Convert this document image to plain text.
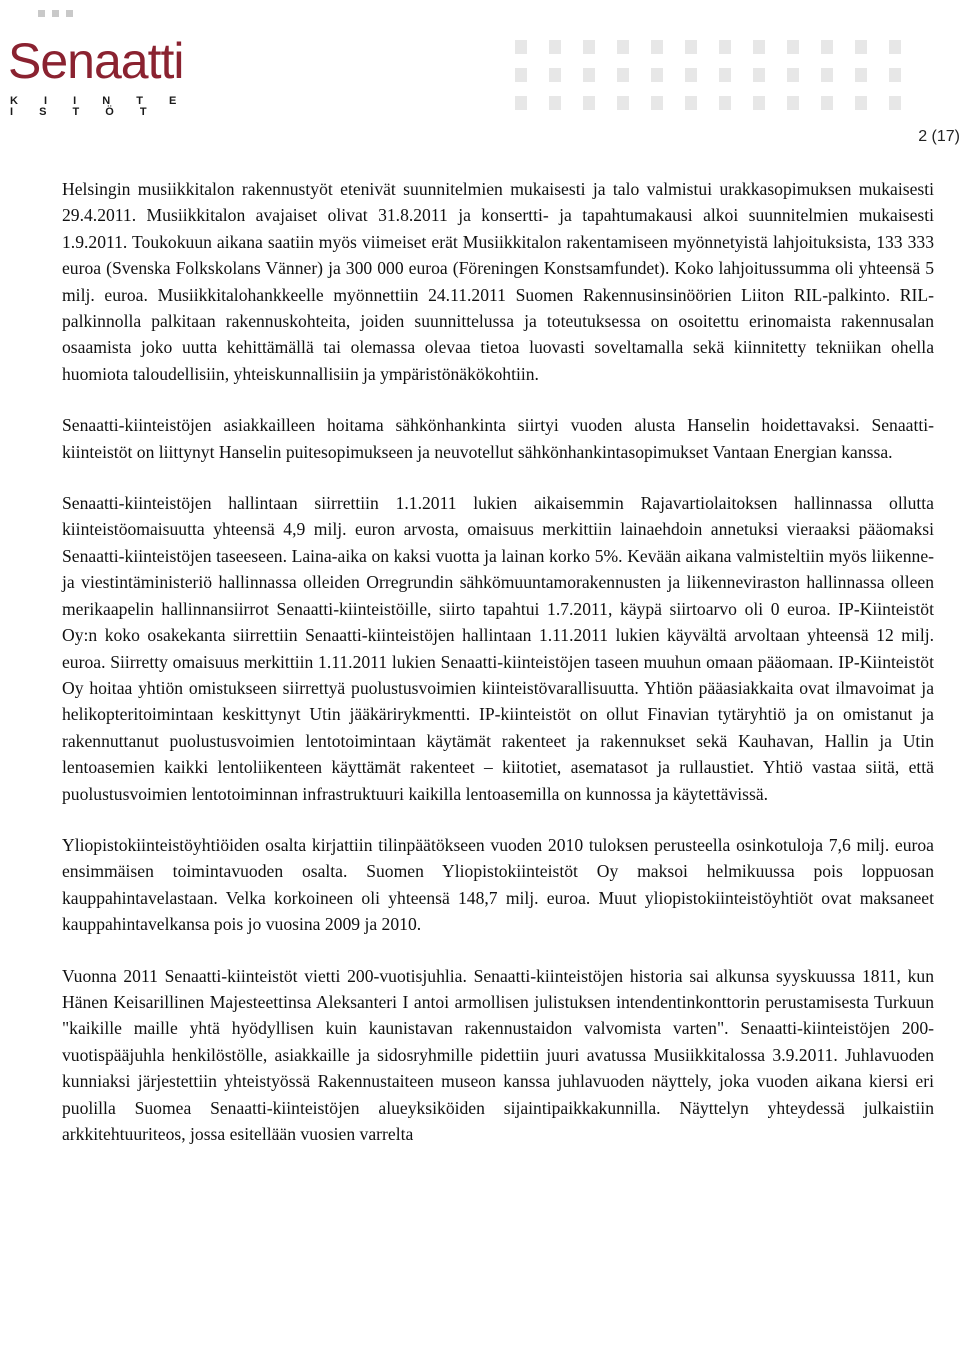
Senaatti
K I I N T E I S T Ö T
2 (17)

Helsingin musiikkitalon rakennustyöt etenivät suunnitelmien mukaisesti ja talo valmistui urakkasopimuksen mukaisesti 29.4.2011. Musiikkitalon avajaiset olivat 31.8.2011 ja konsertti- ja tapahtumakausi alkoi suunnitelmien mukaisesti 1.9.2011. Toukokuun aikana saatiin myös viimeiset erät Musiikkitalon rakentamiseen myönnetyistä lahjoituksista, 133 333 euroa (Svenska Folkskolans Vänner) ja 300 000 euroa (Föreningen Konstsamfundet). Koko lahjoitussumma oli yhteensä 5 milj. euroa. Musiikkitalohankkeelle myönnettiin 24.11.2011 Suomen Rakennusinsinöörien Liiton RIL-palkinto. RIL-palkinnolla palkitaan rakennuskohteita, joiden suunnittelussa ja toteutuksessa on osoitettu erinomaista rakennusalan osaamista joko uutta kehittämällä tai olemassa olevaa tietoa luovasti soveltamalla sekä kiinnitetty tekniikan ohella huomiota taloudellisiin, yhteiskunnallisiin ja ympäristönäkökohtiin.

Senaatti-kiinteistöjen asiakkailleen hoitama sähkönhankinta siirtyi vuoden alusta Hanselin hoidettavaksi. Senaatti-kiinteistöt on liittynyt Hanselin puitesopimukseen ja neuvotellut sähkönhankintasopimukset Vantaan Energian kanssa.

Senaatti-kiinteistöjen hallintaan siirrettiin 1.1.2011 lukien aikaisemmin Rajavartiolaitoksen hallinnassa ollutta kiinteistöomaisuutta yhteensä 4,9 milj. euron arvosta, omaisuus merkittiin lainaehdoin annetuksi vieraaksi pääomaksi Senaatti-kiinteistöjen taseeseen. Laina-aika on kaksi vuotta ja lainan korko 5%. Kevään aikana valmisteltiin myös liikenne- ja viestintäministeriö hallinnassa olleiden Orregrundin sähkömuuntamorakennusten ja liikenneviraston hallinnassa olleen merikaapelin hallinnansiirrot Senaatti-kiinteistöille, siirto tapahtui 1.7.2011, käypä siirtoarvo oli 0 euroa. IP-Kiinteistöt Oy:n koko osakekanta siirrettiin Senaatti-kiinteistöjen hallintaan 1.11.2011 lukien käyvältä arvoltaan yhteensä 12 milj. euroa. Siirretty omaisuus merkittiin 1.11.2011 lukien Senaatti-kiinteistöjen taseen muuhun omaan pääomaan. IP-Kiinteistöt Oy hoitaa yhtiön omistukseen siirrettyä puolustusvoimien kiinteistövarallisuutta. Yhtiön pääasiakkaita ovat ilmavoimat ja helikopteritoimintaan keskittynyt Utin jääkärirykmentti. IP-kiinteistöt on ollut Finavian tytäryhtiö ja on omistanut ja rakennuttanut puolustusvoimien lentotoimintaan käytämät rakenteet ja rakennukset sekä Kauhavan, Hallin ja Utin lentoasemien kaikki lentoliikenteen käyttämät rakenteet – kiitotiet, asematasot ja rullaustiet. Yhtiö vastaa siitä, että puolustusvoimien lentotoiminnan infrastruktuuri kaikilla lentoasemilla on kunnossa ja käytettävissä.

Yliopistokiinteistöyhtiöiden osalta kirjattiin tilinpäätökseen vuoden 2010 tuloksen perusteella osinkotuloja 7,6 milj. euroa ensimmäisen toimintavuoden osalta. Suomen Yliopistokiinteistöt Oy maksoi helmikuussa pois loppuosan kauppahintavelastaan. Velka korkoineen oli yhteensä 148,7 milj. euroa. Muut yliopistokiinteistöyhtiöt ovat maksaneet kauppahintavelkansa pois jo vuosina 2009 ja 2010.

Vuonna 2011 Senaatti-kiinteistöt vietti 200-vuotisjuhlia. Senaatti-kiinteistöjen historia sai alkunsa syyskuussa 1811, kun Hänen Keisarillinen Majesteettinsa Aleksanteri I antoi armollisen julistuksen intendentinkonttorin perustamisesta Turkuun "kaikille maille yhtä hyödyllisen kuin kaunistavan rakennustaidon valvomista varten". Senaatti-kiinteistöjen 200-vuotispääjuhla henkilöstölle, asiakkaille ja sidosryhmille pidettiin juuri avatussa Musiikkitalossa 3.9.2011. Juhlavuoden kunniaksi järjestettiin yhteistyössä Rakennustaiteen museon kanssa juhlavuoden näyttely, joka vuoden aikana kiersi eri puolilla Suomea Senaatti-kiinteistöjen alueyksiköiden sijaintipaikkakunnilla. Näyttelyn yhteydessä julkaistiin arkkitehtuuriteos, jossa esitellään vuosien varrelta
